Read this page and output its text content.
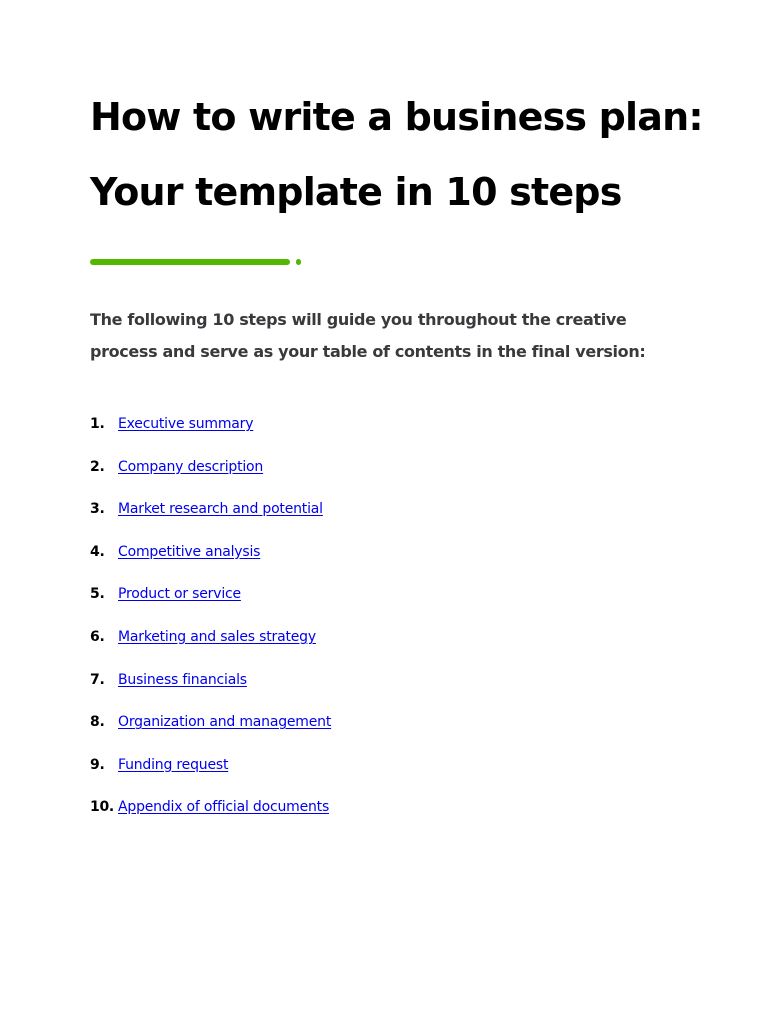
How to write a business plan:
Your template in 10 steps

The following 10 steps will guide you throughout the creative
process and serve as your table of contents in the final version:

1. Executive summary
2. Company description
3. Market research and potential
4. Competitive analysis
5. Product or service
6. Marketing and sales strategy
7. Business financials
8. Organization and management
9. Funding request
10. Appendix of official documents
